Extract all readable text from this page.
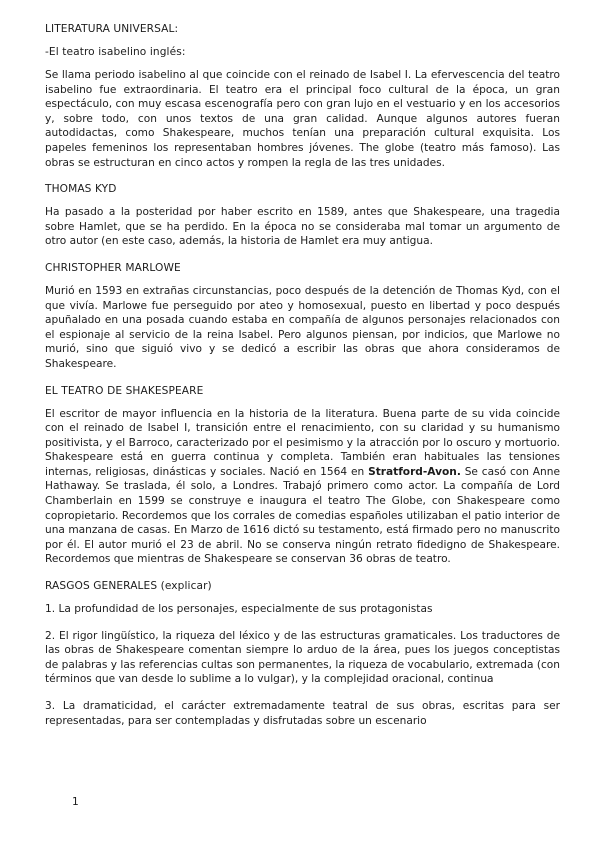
LITERATURA UNIVERSAL:
-El teatro isabelino inglés:

Se llama periodo isabelino al que coincide con el reinado de Isabel I. La efervescencia del teatro isabelino fue extraordinaria. El teatro era el principal foco cultural de la época, un gran espectáculo, con muy escasa escenografía pero con gran lujo en el vestuario y en los accesorios y, sobre todo, con unos textos de una gran calidad. Aunque algunos autores fueran autodidactas, como Shakespeare, muchos tenían una preparación cultural exquisita. Los papeles femeninos los representaban hombres jóvenes. The globe (teatro más famoso). Las obras se estructuran en cinco actos y rompen la regla de las tres unidades.

THOMAS KYD

Ha pasado a la posteridad por haber escrito en 1589, antes que Shakespeare, una tragedia sobre Hamlet, que se ha perdido. En la época no se consideraba mal tomar un argumento de otro autor (en este caso, además, la historia de Hamlet era muy antigua.

CHRISTOPHER MARLOWE

Murió en 1593 en extrañas circunstancias, poco después de la detención de Thomas Kyd, con el que vivía. Marlowe fue perseguido por ateo y homosexual, puesto en libertad y poco después apuñalado en una posada cuando estaba en compañía de algunos personajes relacionados con el espionaje al servicio de la reina Isabel. Pero algunos piensan, por indicios, que Marlowe no murió, sino que siguió vivo y se dedicó a escribir las obras que ahora consideramos de Shakespeare.

EL TEATRO DE SHAKESPEARE

El escritor de mayor influencia en la historia de la literatura. Buena parte de su vida coincide con el reinado de Isabel I, transición entre el renacimiento, con su claridad y su humanismo positivista, y el Barroco, caracterizado por el pesimismo y la atracción por lo oscuro y mortuorio. Shakespeare está en guerra continua y completa. También eran habituales las tensiones internas, religiosas, dinásticas y sociales. Nació en 1564 en Stratford-Avon. Se casó con Anne Hathaway. Se traslada, él solo, a Londres. Trabajó primero como actor. La compañía de Lord Chamberlain en 1599 se construye e inaugura el teatro The Globe, con Shakespeare como copropietario. Recordemos que los corrales de comedias españoles utilizaban el patio interior de una manzana de casas. En Marzo de 1616 dictó su testamento, está firmado pero no manuscrito por él. El autor murió el 23 de abril. No se conserva ningún retrato fidedigno de Shakespeare. Recordemos que mientras de Shakespeare se conservan 36 obras de teatro.

RASGOS GENERALES (explicar)

1. La profundidad de los personajes, especialmente de sus protagonistas

2. El rigor lingüístico, la riqueza del léxico y de las estructuras gramaticales. Los traductores de las obras de Shakespeare comentan siempre lo arduo de la área, pues los juegos conceptistas de palabras y las referencias cultas son permanentes, la riqueza de vocabulario, extremada (con términos que van desde lo sublime a lo vulgar), y la complejidad oracional, continua

3. La dramaticidad, el carácter extremadamente teatral de sus obras, escritas para ser representadas, para ser contempladas y disfrutadas sobre un escenario

1
